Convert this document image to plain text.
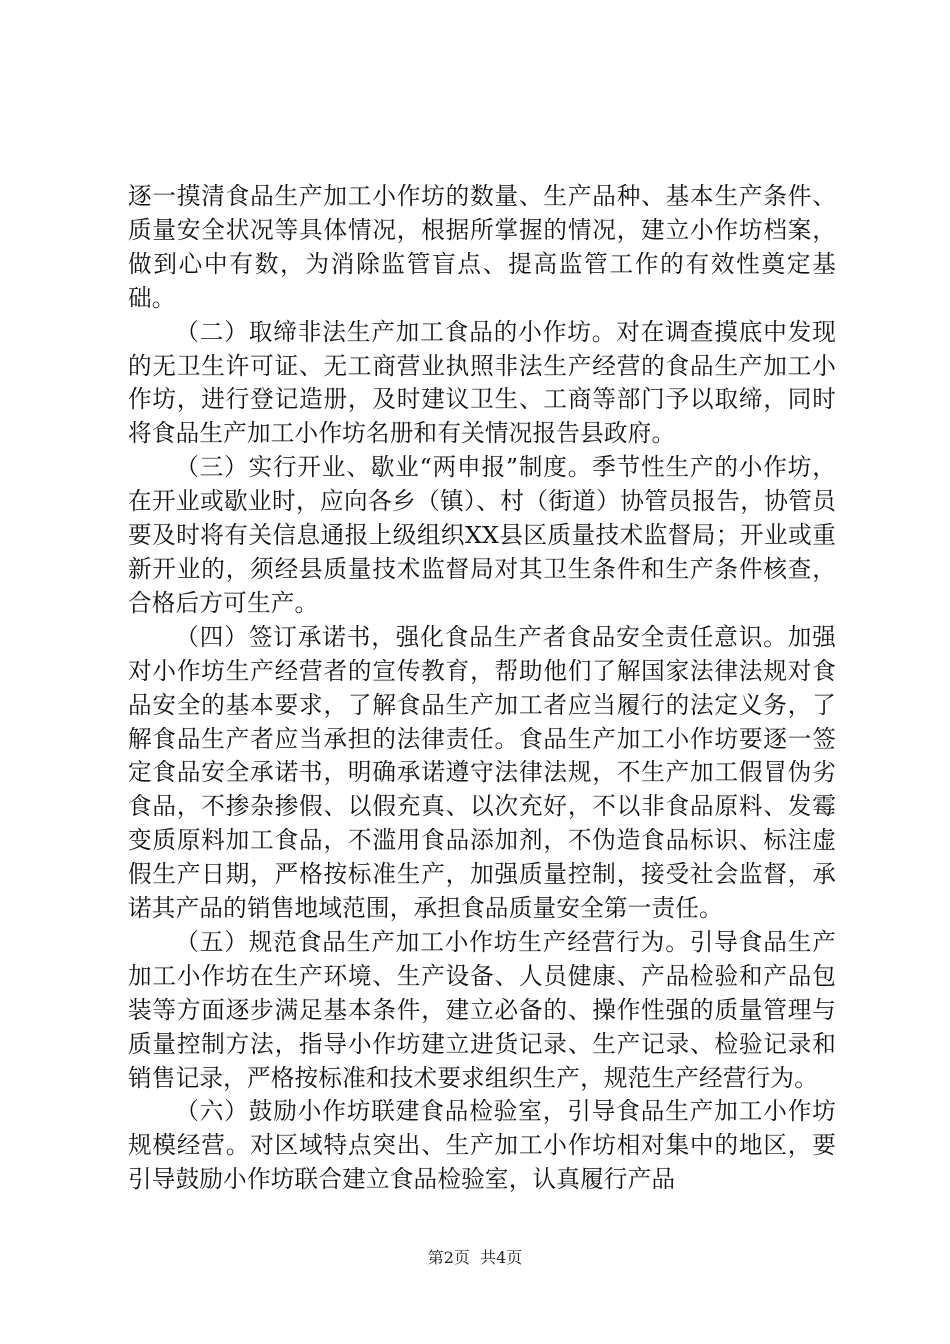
逐一摸清食品生产加工小作坊的数量、生产品种、基本生产条件、质量安全状况等具体情况，根据所掌握的情况，建立小作坊档案，做到心中有数，为消除监管盲点、提高监管工作的有效性奠定基础。

（二）取缔非法生产加工食品的小作坊。对在调查摸底中发现的无卫生许可证、无工商营业执照非法生产经营的食品生产加工小作坊，进行登记造册，及时建议卫生、工商等部门予以取缔，同时将食品生产加工小作坊名册和有关情况报告县政府。

（三）实行开业、歇业“两申报”制度。季节性生产的小作坊，在开业或歇业时，应向各乡（镇）、村（街道）协管员报告，协管员要及时将有关信息通报上级组织XX县区质量技术监督局；开业或重新开业的，须经县质量技术监督局对其卫生条件和生产条件核查，合格后方可生产。

（四）签订承诺书，强化食品生产者食品安全责任意识。加强对小作坊生产经营者的宣传教育，帮助他们了解国家法律法规对食品安全的基本要求，了解食品生产加工者应当履行的法定义务，了解食品生产者应当承担的法律责任。食品生产加工小作坊要逐一签定食品安全承诺书，明确承诺遵守法律法规，不生产加工假冒伪劣食品，不掺杂掺假、以假充真、以次充好，不以非食品原料、发霉变质原料加工食品，不滥用食品添加剂，不伪造食品标识、标注虚假生产日期，严格按标准生产，加强质量控制，接受社会监督，承诺其产品的销售地域范围，承担食品质量安全第一责任。

（五）规范食品生产加工小作坊生产经营行为。引导食品生产加工小作坊在生产环境、生产设备、人员健康、产品检验和产品包装等方面逐步满足基本条件，建立必备的、操作性强的质量管理与质量控制方法，指导小作坊建立进货记录、生产记录、检验记录和销售记录，严格按标准和技术要求组织生产，规范生产经营行为。

（六）鼓励小作坊联建食品检验室，引导食品生产加工小作坊规模经营。对区域特点突出、生产加工小作坊相对集中的地区，要引导鼓励小作坊联合建立食品检验室，认真履行产品

第2页  共4页
